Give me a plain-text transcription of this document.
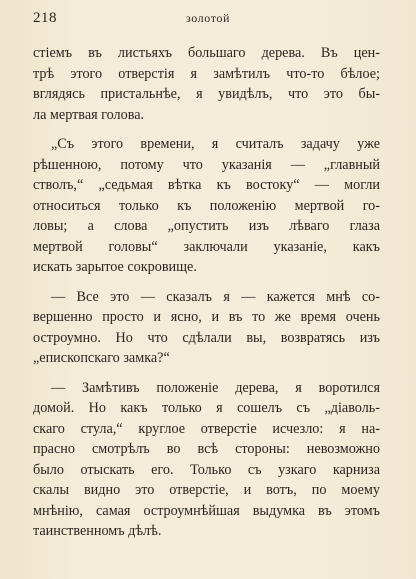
218	золотой
стіемъ въ листьяхъ большаго дерева. Въ цен-
трѣ этого отверстія я замѣтилъ что-то бѣлое;
вглядясь пристальнѣе, я увидѣлъ, что это бы-
ла мертвая голова.
„Съ этого времени, я считалъ задачу уже
рѣшенною, потому что указанія — „главный
стволъ,“ „седьмая вѣтка къ востоку“ — могли
относиться только къ положенію мертвой го-
ловы; а слова „опустить изъ лѣваго глаза
мертвой головы“ заключали указаніе, какъ
искать зарытое сокровище.
— Все это — сказалъ я — кажется мнѣ со-
вершенно просто и ясно, и въ то же время очень
остроумно. Но что сдѣлали вы, возвратясь изъ
„епископскаго замка?“
— Замѣтивъ положеніе дерева, я воротился
домой. Но какъ только я сошелъ съ „діаволь-
скаго стула,“ круглое отверстіе исчезло: я на-
прасно смотрѣлъ во всѣ стороны: невозможно
было отыскать его. Только съ узкаго карниза
скалы видно это отверстіе, и вотъ, по моему
мнѣнію, самая остроумнѣйшая выдумка въ этомъ
таинственномъ дѣлѣ.
